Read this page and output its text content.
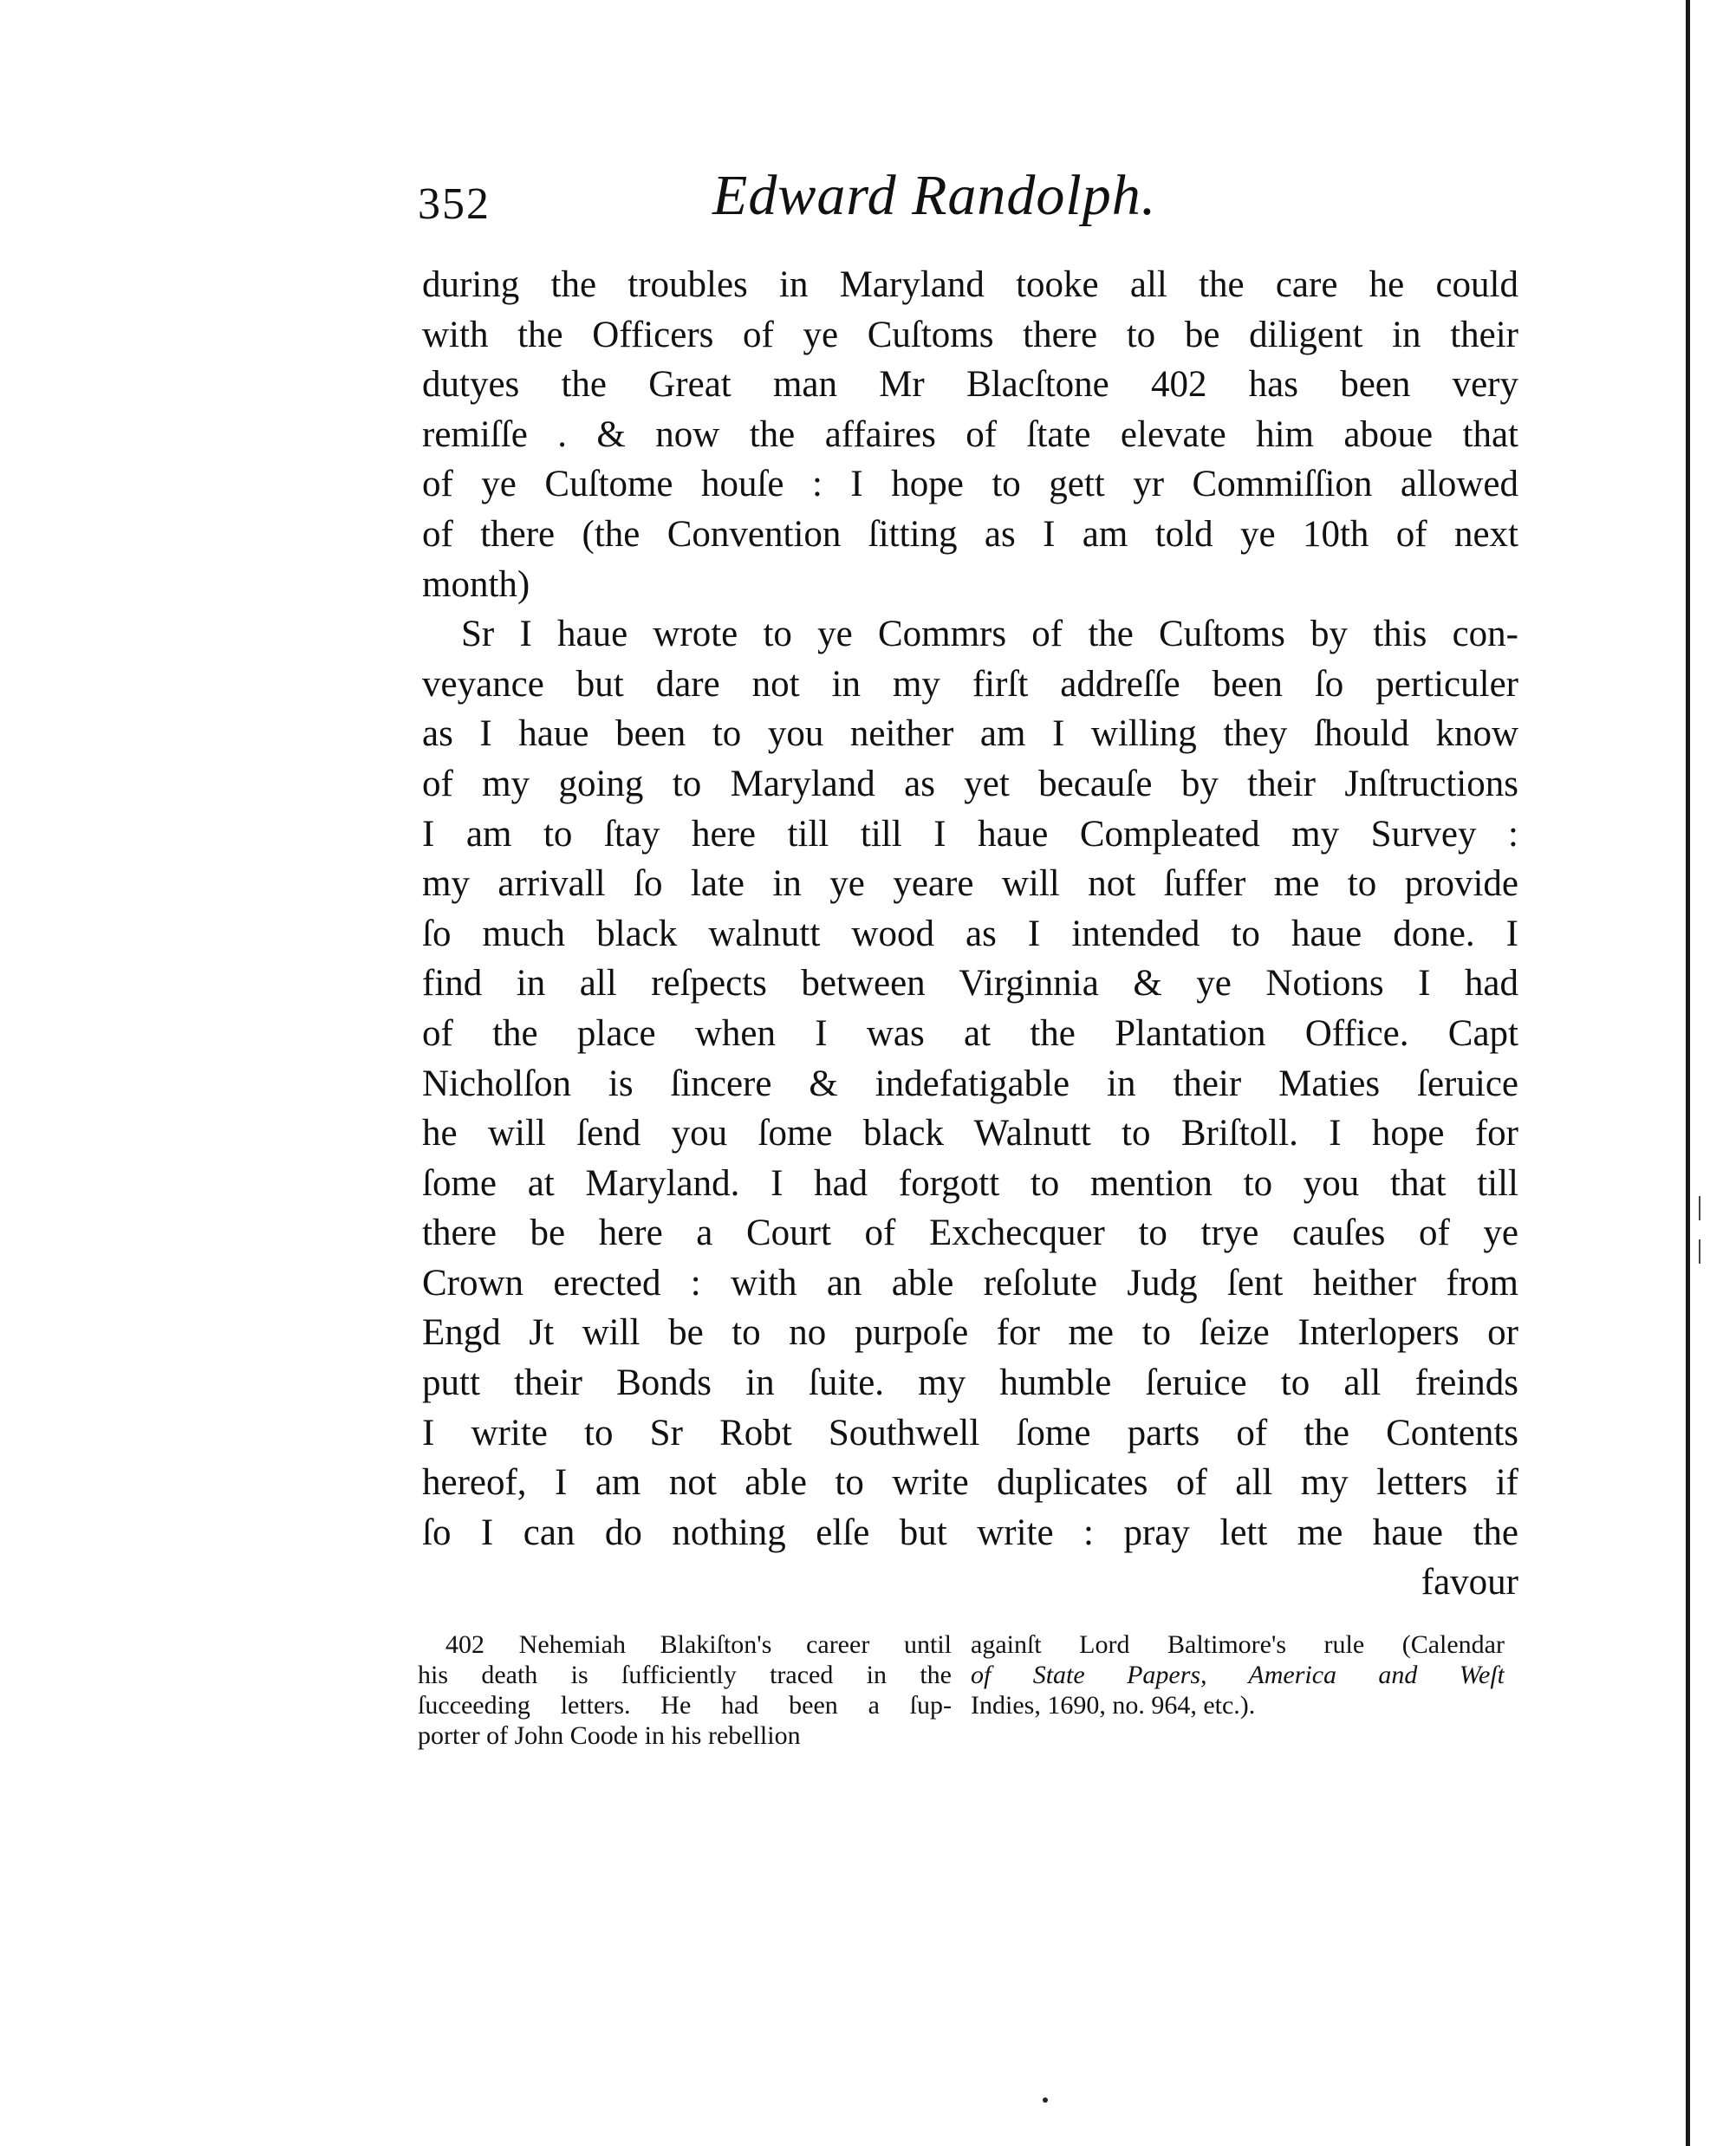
352	Edward Randolph.
during the troubles in Maryland tooke all the care he could
with the Officers of ye Cuſtoms there to be diligent in their
dutyes the Great man Mr Blacſtone 402 has been very
remiſſe . & now the affaires of ſtate elevate him aboue that
of ye Cuſtome houſe : I hope to gett yr Commiſſion allowed
of there (the Convention ſitting as I am told ye 10th of next
month)
Sr I haue wrote to ye Commrs of the Cuſtoms by this con-
veyance but dare not in my firſt addreſſe been ſo perticuler
as I haue been to you neither am I willing they ſhould know
of my going to Maryland as yet becauſe by their Jnſtructions
I am to ſtay here till till I haue Compleated my Survey :
my arrivall ſo late in ye yeare will not ſuffer me to provide
ſo much black walnutt wood as I intended to haue done. I
find in all reſpects between Virginnia & ye Notions I had
of the place when I was at the Plantation Office. Capt
Nicholſon is ſincere & indefatigable in their Maties ſeruice
he will ſend you ſome black Walnutt to Briſtoll. I hope for
ſome at Maryland. I had forgott to mention to you that till
there be here a Court of Exchecquer to trye cauſes of ye
Crown erected : with an able reſolute Judg ſent heither from
Engd Jt will be to no purpoſe for me to ſeize Interlopers or
putt their Bonds in ſuite. my humble ſeruice to all freinds
I write to Sr Robt Southwell ſome parts of the Contents
hereof, I am not able to write duplicates of all my letters if
ſo I can do nothing elſe but write : pray lett me haue the
favour
402 Nehemiah Blakiſton's career until
his death is ſufficiently traced in the
ſucceeding letters. He had been a ſup-
porter of John Coode in his rebellion
againſt Lord Baltimore's rule (Calendar
of State Papers, America and Weſt
Indies, 1690, no. 964, etc.).
